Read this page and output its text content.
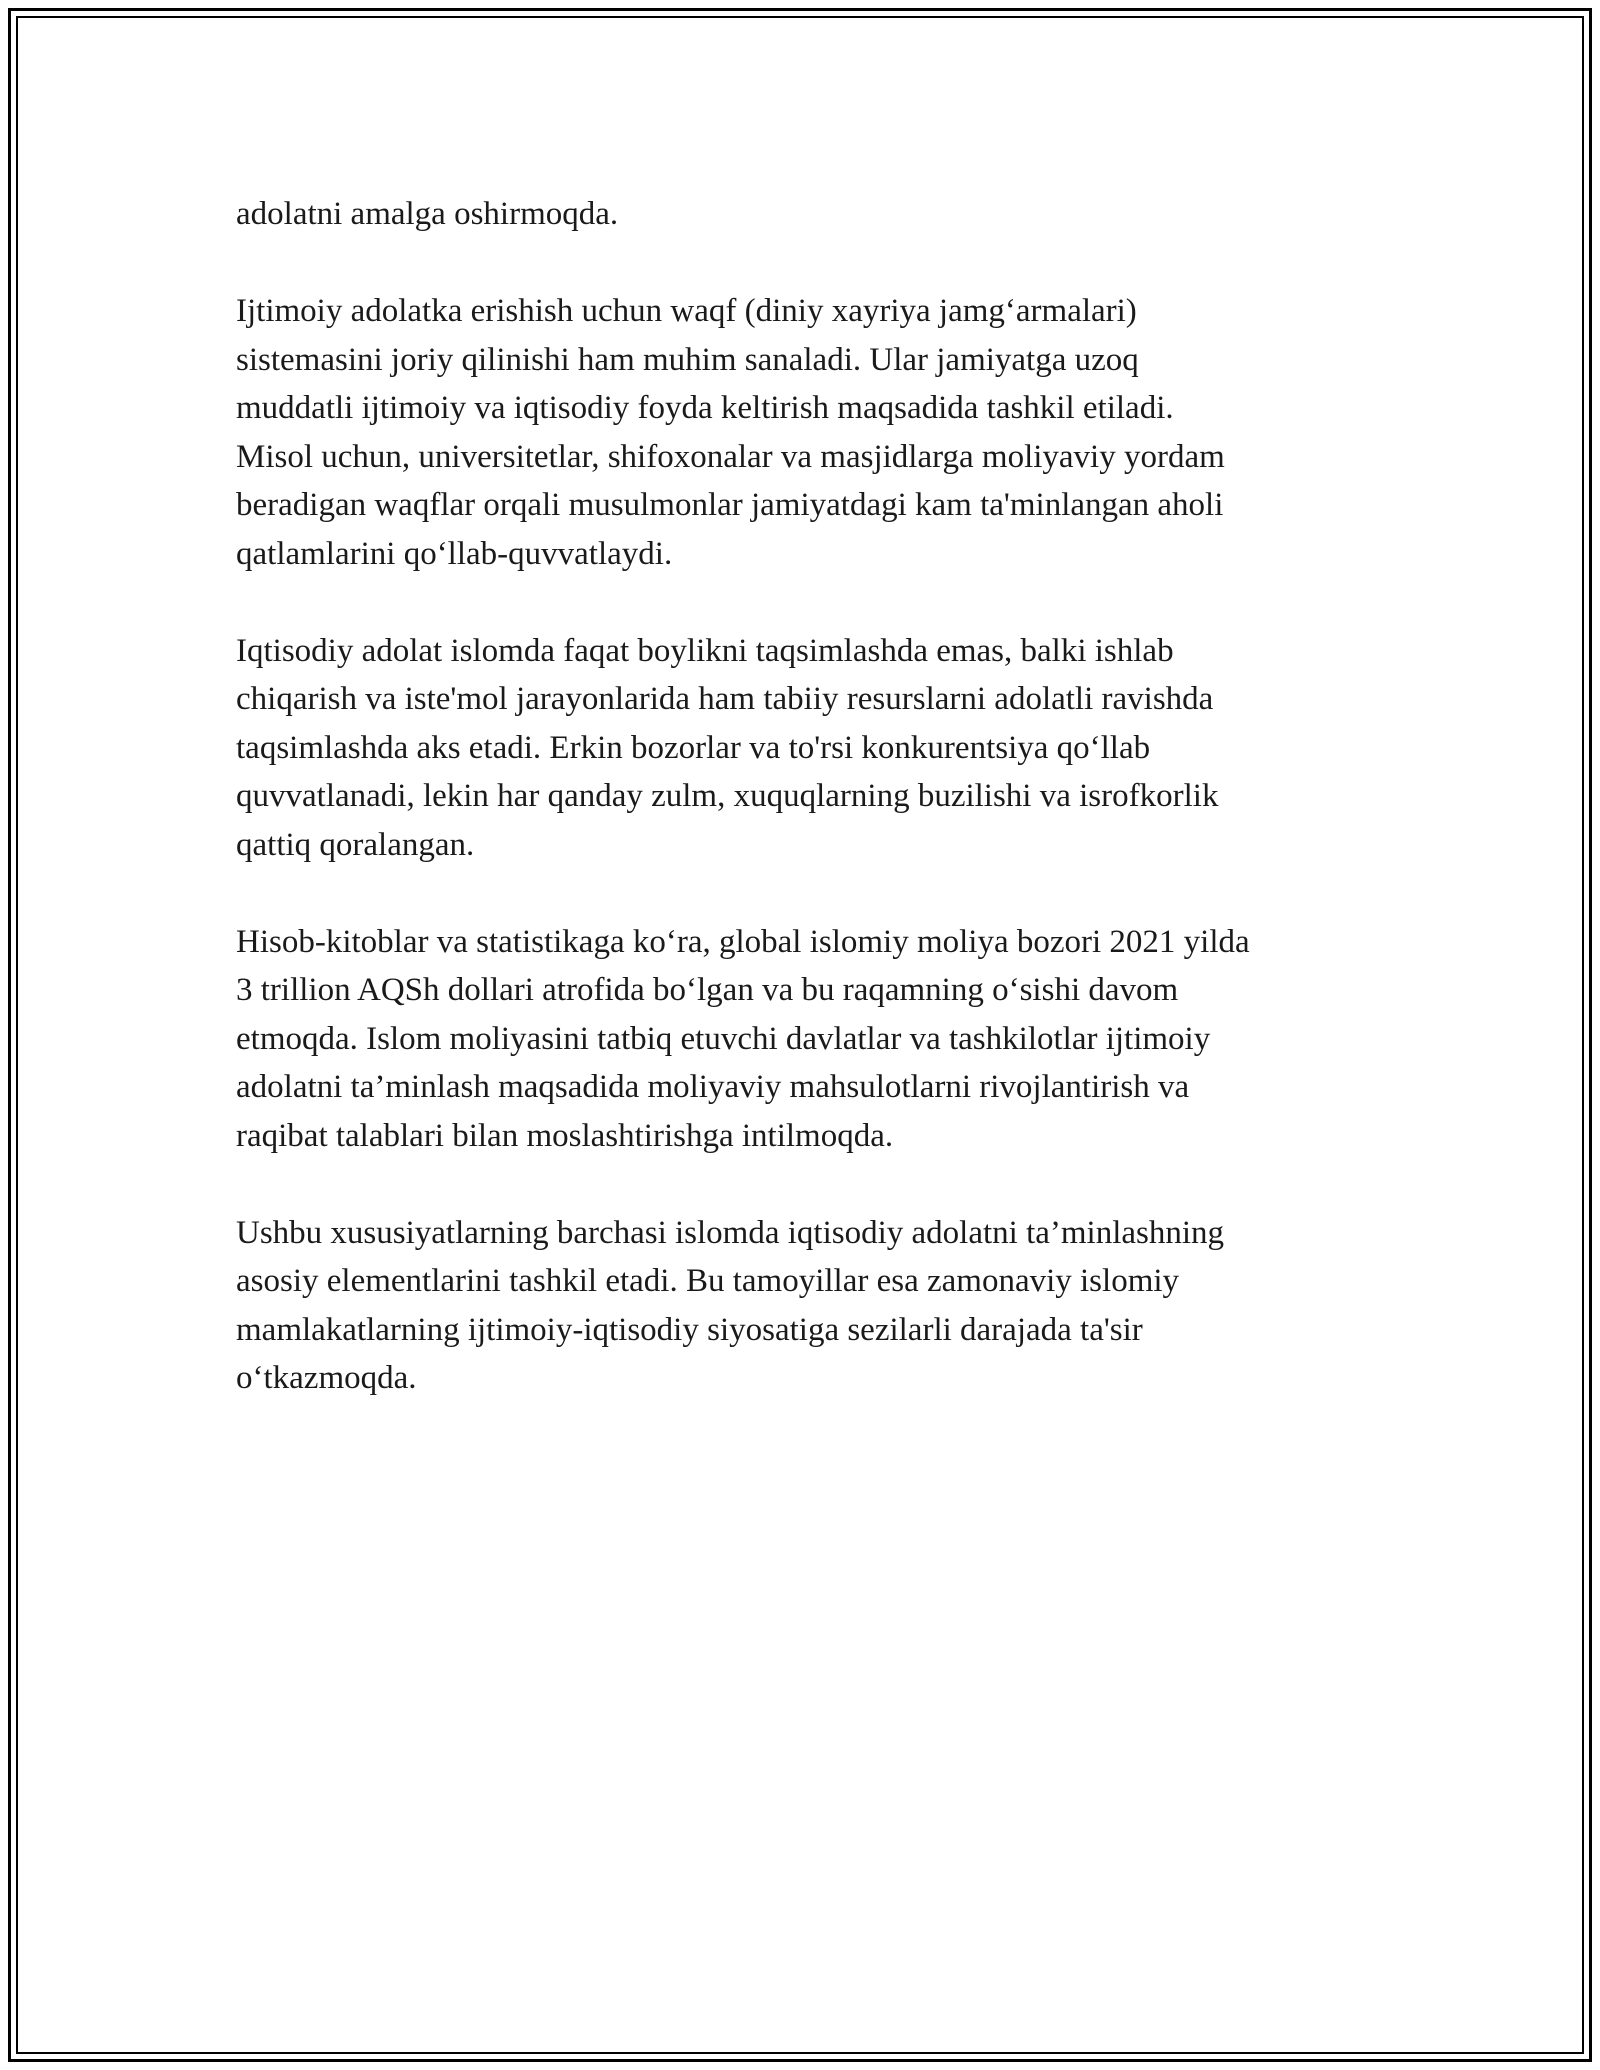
adolatni amalga oshirmoqda.

Ijtimoiy adolatka erishish uchun waqf (diniy xayriya jamg‘armalari)
sistemasini joriy qilinishi ham muhim sanaladi. Ular jamiyatga uzoq
muddatli ijtimoiy va iqtisodiy foyda keltirish maqsadida tashkil etiladi.
Misol uchun, universitetlar, shifoxonalar va masjidlarga moliyaviy yordam
beradigan waqflar orqali musulmonlar jamiyatdagi kam ta'minlangan aholi
qatlamlarini qo‘llab-quvvatlaydi.

Iqtisodiy adolat islomda faqat boylikni taqsimlashda emas, balki ishlab
chiqarish va iste'mol jarayonlarida ham tabiiy resurslarni adolatli ravishda
taqsimlashda aks etadi. Erkin bozorlar va to'rsi konkurentsiya qo‘llab
quvvatlanadi, lekin har qanday zulm, xuquqlarning buzilishi va isrofkorlik
qattiq qoralangan.

Hisob-kitoblar va statistikaga ko‘ra, global islomiy moliya bozori 2021 yilda
3 trillion AQSh dollari atrofida bo‘lgan va bu raqamning o‘sishi davom
etmoqda. Islom moliyasini tatbiq etuvchi davlatlar va tashkilotlar ijtimoiy
adolatni ta’minlash maqsadida moliyaviy mahsulotlarni rivojlantirish va
raqibat talablari bilan moslashtirishga intilmoqda.

Ushbu xususiyatlarning barchasi islomda iqtisodiy adolatni ta’minlashning
asosiy elementlarini tashkil etadi. Bu tamoyillar esa zamonaviy islomiy
mamlakatlarning ijtimoiy-iqtisodiy siyosatiga sezilarli darajada ta'sir
o‘tkazmoqda.
